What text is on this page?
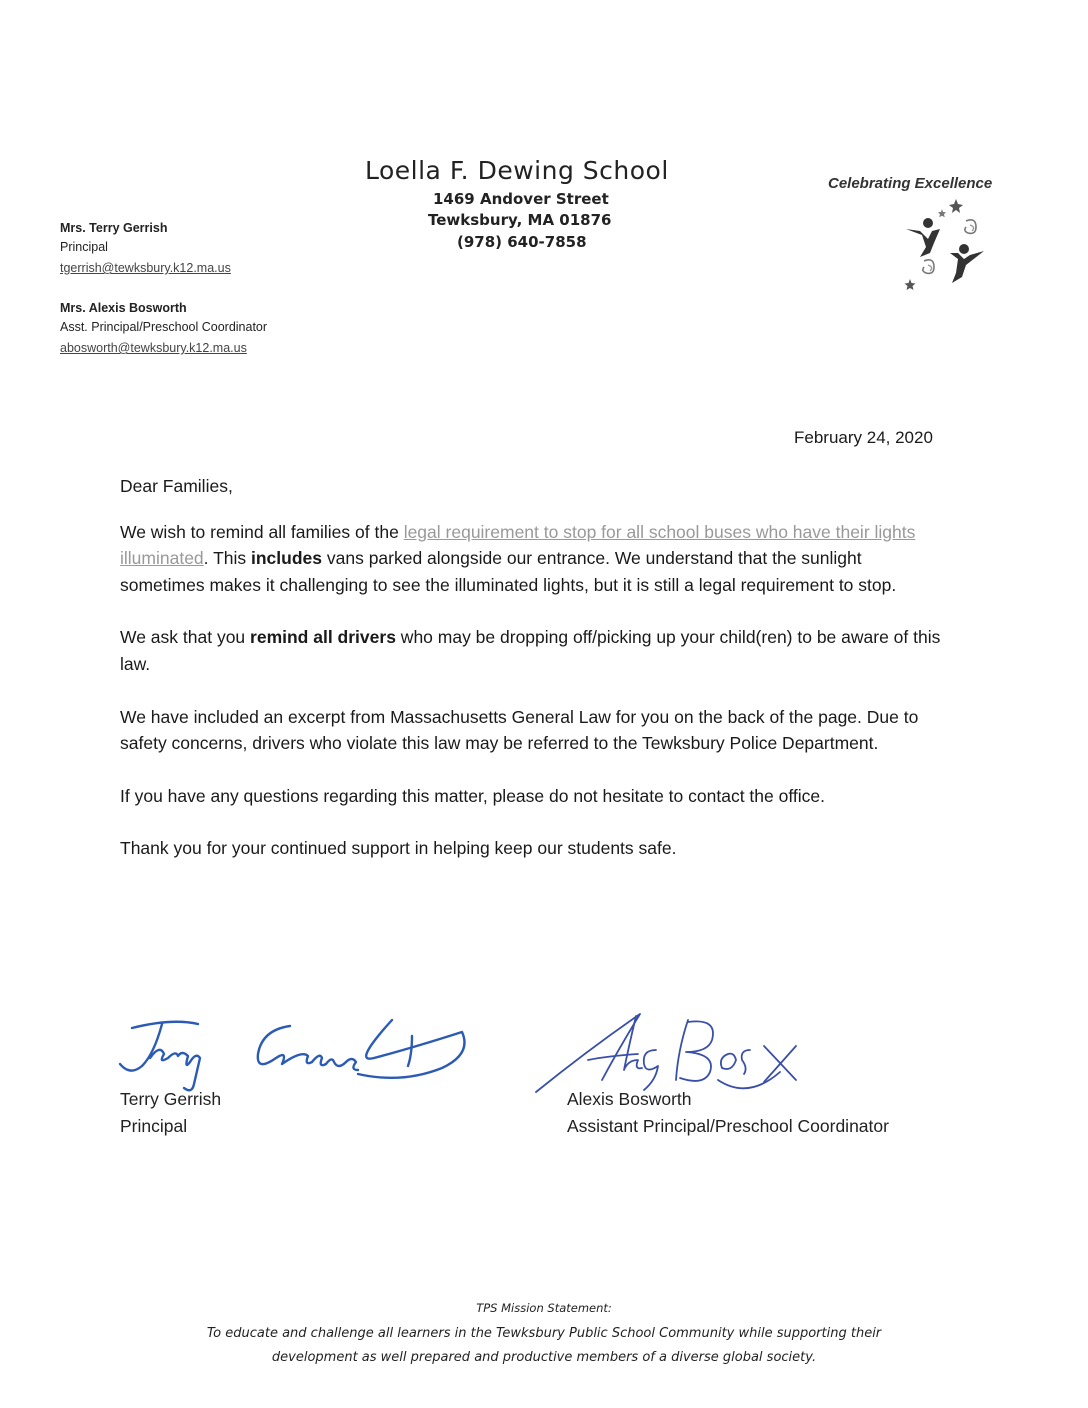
Loella F. Dewing School
1469 Andover Street
Tewksbury, MA 01876
(978) 640-7858
Celebrating Excellence
Mrs. Terry Gerrish
Principal
tgerrish@tewksbury.k12.ma.us
Mrs. Alexis Bosworth
Asst. Principal/Preschool Coordinator
abosworth@tewksbury.k12.ma.us
February 24, 2020

Dear Families,

We wish to remind all families of the legal requirement to stop for all school buses who have their lights illuminated. This includes vans parked alongside our entrance. We understand that the sunlight sometimes makes it challenging to see the illuminated lights, but it is still a legal requirement to stop.

We ask that you remind all drivers who may be dropping off/picking up your child(ren) to be aware of this law.

We have included an excerpt from Massachusetts General Law for you on the back of the page. Due to safety concerns, drivers who violate this law may be referred to the Tewksbury Police Department.

If you have any questions regarding this matter, please do not hesitate to contact the office.

Thank you for your continued support in helping keep our students safe.

Terry Gerrish
Principal
Alexis Bosworth
Assistant Principal/Preschool Coordinator
TPS Mission Statement:
To educate and challenge all learners in the Tewksbury Public School Community while supporting their
development as well prepared and productive members of a diverse global society.
